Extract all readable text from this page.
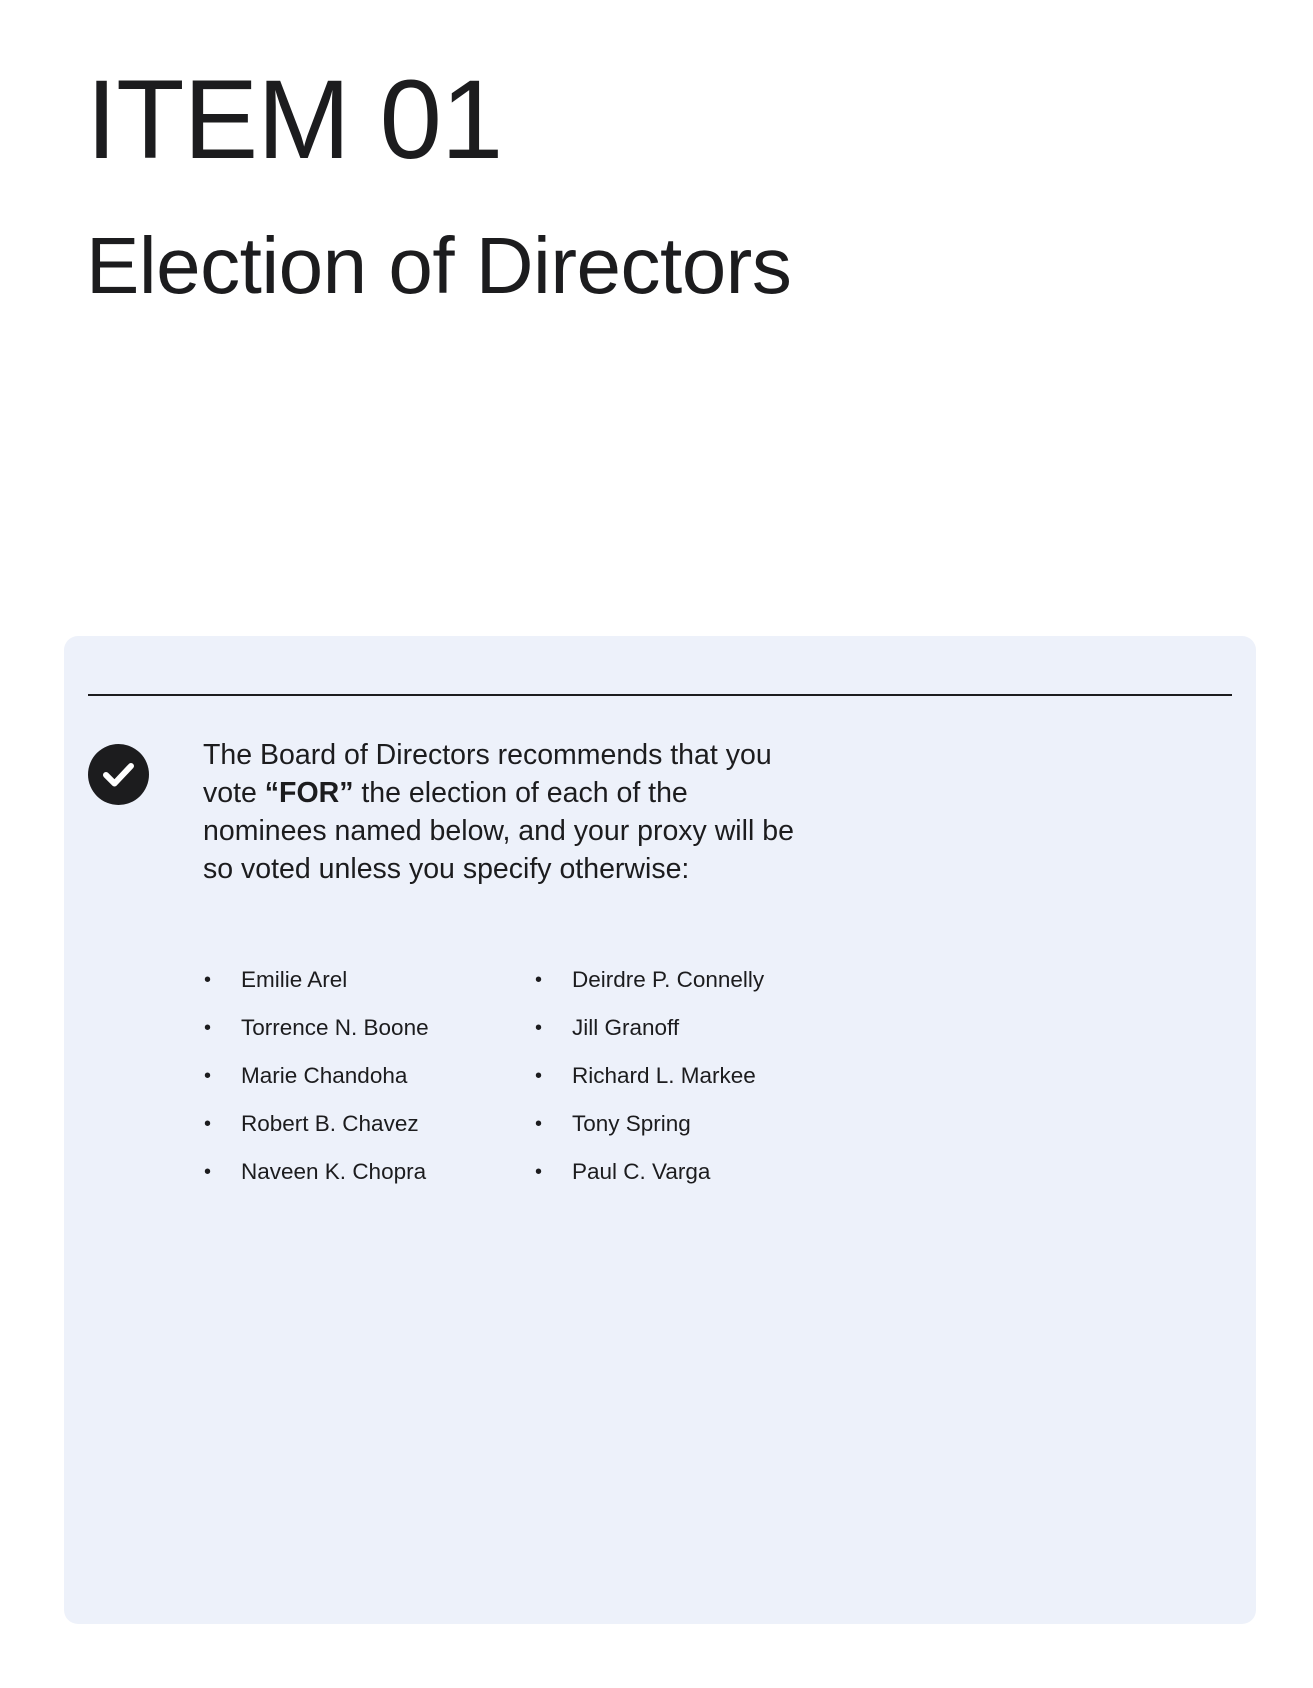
ITEM 01
Election of Directors

The Board of Directors recommends that you vote “FOR” the election of each of the nominees named below, and your proxy will be so voted unless you specify otherwise:

• Emilie Arel
• Torrence N. Boone
• Marie Chandoha
• Robert B. Chavez
• Naveen K. Chopra
• Deirdre P. Connelly
• Jill Granoff
• Richard L. Markee
• Tony Spring
• Paul C. Varga
